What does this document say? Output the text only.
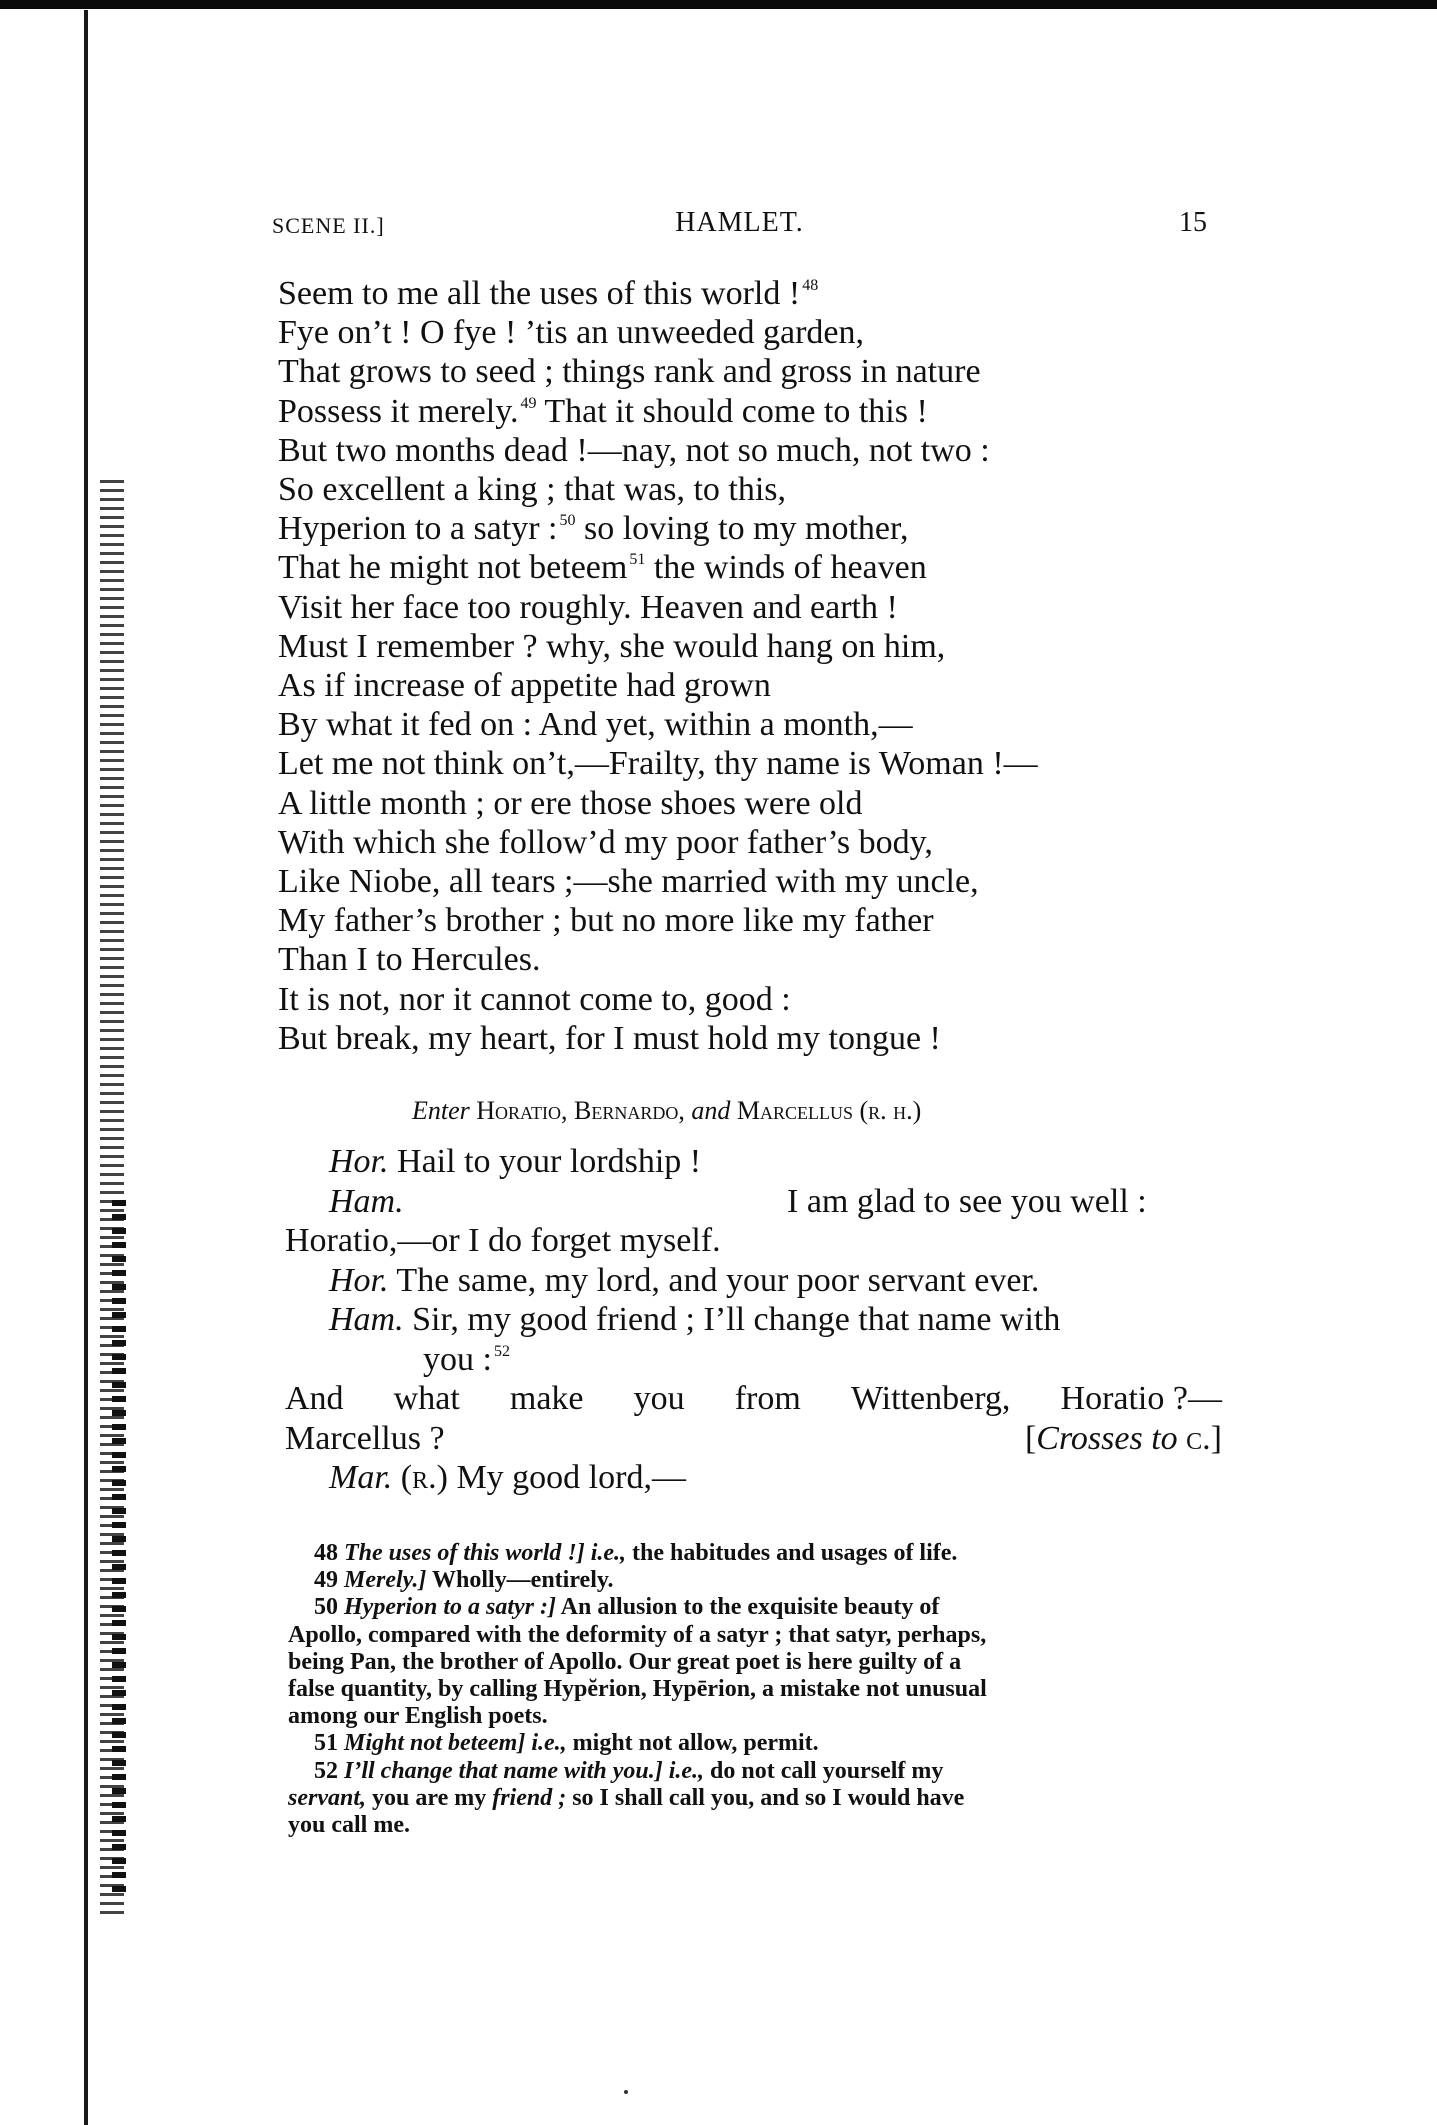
SCENE II.]	HAMLET.	15
Seem to me all the uses of this world ! $^{48}$
Fye on’t ! O fye ! ’tis an unweeded garden,
That grows to seed ; things rank and gross in nature
Possess it merely. $^{49}$ That it should come to this !
But two months dead !—nay, not so much, not two :
So excellent a king ; that was, to this,
Hyperion to a satyr : $^{50}$ so loving to my mother,
That he might not beteem $^{51}$ the winds of heaven
Visit her face too roughly. Heaven and earth !
Must I remember ? why, she would hang on him,
As if increase of appetite had grown
By what it fed on : And yet, within a month,—
Let me not think on’t,—Frailty, thy name is Woman !—
A little month ; or ere those shoes were old
With which she follow’d my poor father’s body,
Like Niobe, all tears ;—she married with my uncle,
My father’s brother ; but no more like my father
Than I to Hercules.
It is not, nor it cannot come to, good :
But break, my heart, for I must hold my tongue !
Enter Horatio, Bernardo, and Marcellus (r. h.)
Hor. Hail to your lordship !
Ham.	I am glad to see you well :
Horatio,—or I do forget myself.
Hor. The same, my lord, and your poor servant ever.
Ham. Sir, my good friend ; I’ll change that name with
you : $^{52}$
And what make you from Wittenberg, Horatio ?—
Marcellus ?	[Crosses to c.]
Mar. (r.) My good lord,—
48 The uses of this world !] i.e., the habitudes and usages of life.
49 Merely.] Wholly—entirely.
50 Hyperion to a satyr :] An allusion to the exquisite beauty of
Apollo, compared with the deformity of a satyr ; that satyr, perhaps,
being Pan, the brother of Apollo. Our great poet is here guilty of a
false quantity, by calling Hypĕrion, Hypērion, a mistake not unusual
among our English poets.
51 Might not beteem] i.e., might not allow, permit.
52 I’ll change that name with you.] i.e., do not call yourself my
servant, you are my friend ; so I shall call you, and so I would have
you call me.
